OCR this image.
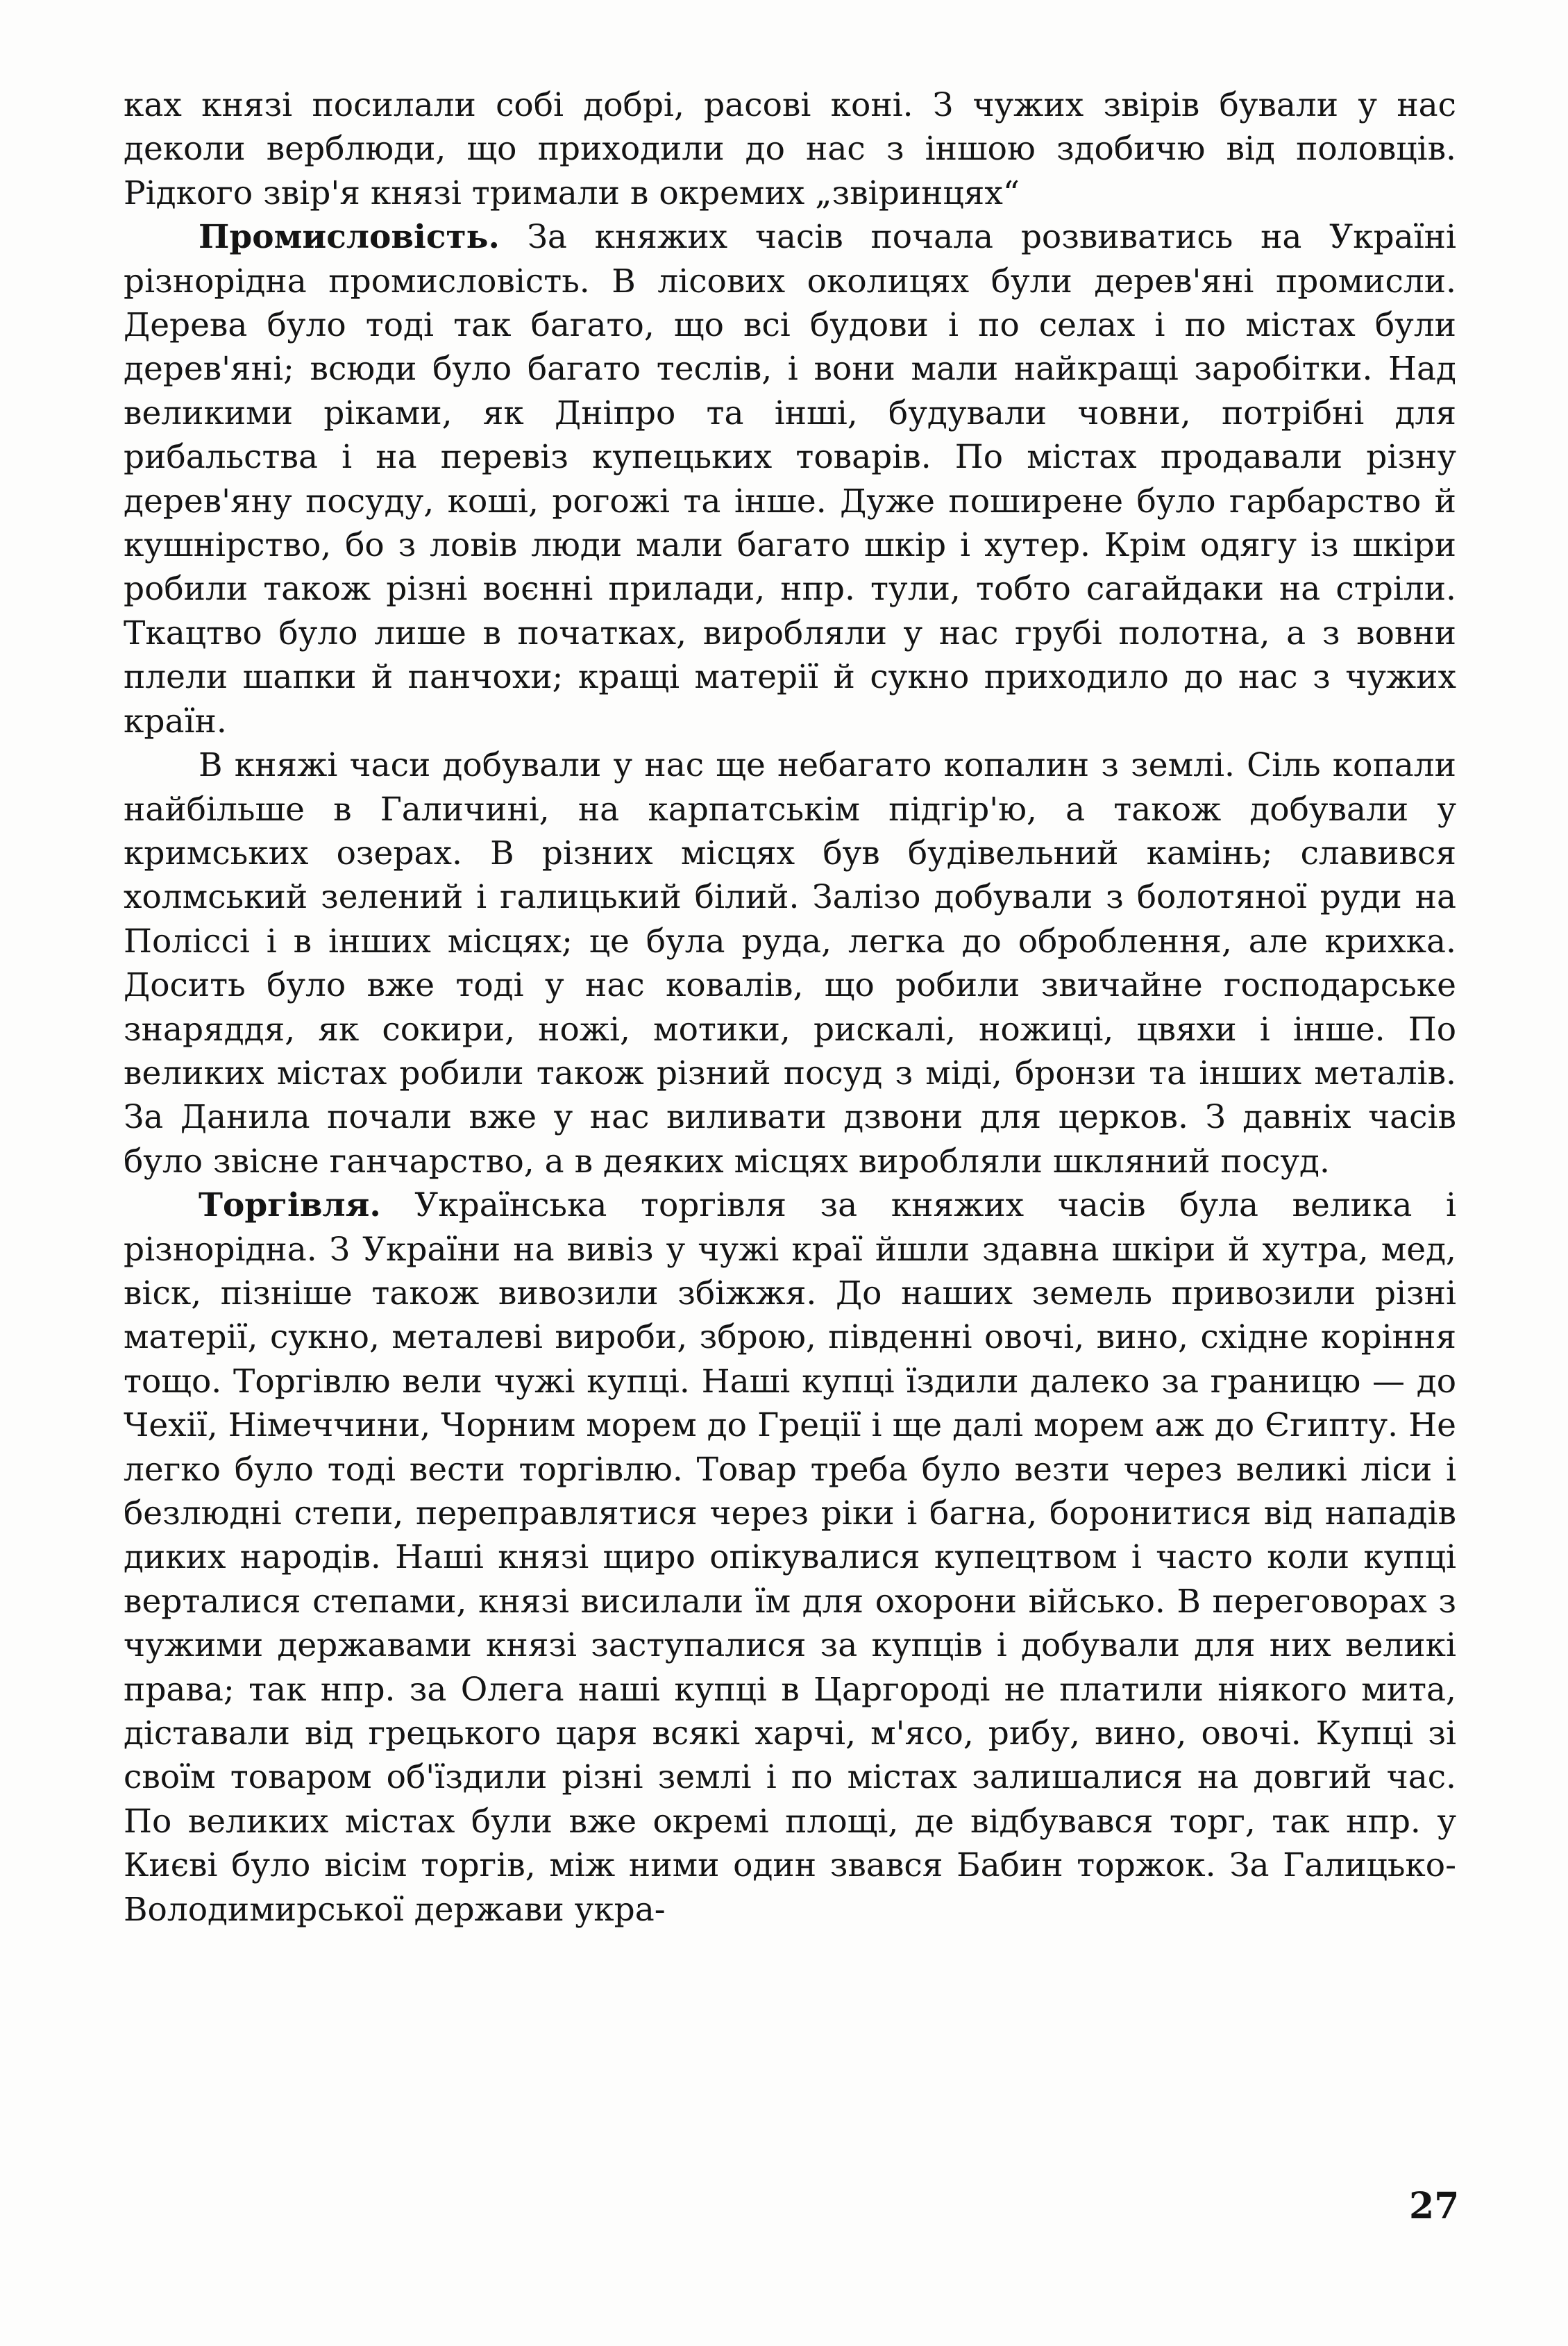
ках князі посилали собі добрі, расові коні. З чужих звірів бували у нас деколи верблюди, що приходили до нас з іншою здобичю від половців. Рідкого звір'я князі тримали в окремих „звіринцях“

Промисловість. За княжих часів почала розвиватись на Україні різнорідна промисловість. В лісових околицях були дерев'яні промисли. Дерева було тоді так багато, що всі будови і по селах і по містах були дерев'яні; всюди було багато теслів, і вони мали найкращі заробітки. Над великими ріками, як Дніпро та інші, будували човни, потрібні для рибальства і на перевіз купецьких товарів. По містах продавали різну дерев'яну посуду, коші, рогожі та інше. Дуже поширене було гарбарство й кушнірство, бо з ловів люди мали багато шкір і хутер. Крім одягу із шкіри робили також різні воєнні прилади, нпр. тули, тобто сагайдаки на стріли. Ткацтво було лише в початках, виробляли у нас грубі полотна, а з вовни плели шапки й панчохи; кращі матерії й сукно приходило до нас з чужих країн.

В княжі часи добували у нас ще небагато копалин з землі. Сіль копали найбільше в Галичині, на карпатськім підгір'ю, а також добували у кримських озерах. В різних місцях був будівельний камінь; славився холмський зелений і галицький білий. Залізо добували з болотяної руди на Поліссі і в інших місцях; це була руда, легка до оброблення, але крихка. Досить було вже тоді у нас ковалів, що робили звичайне господарське знаряддя, як сокири, ножі, мотики, рискалі, ножиці, цвяхи і інше. По великих містах робили також різний посуд з міді, бронзи та інших металів. За Данила почали вже у нас виливати дзвони для церков. З давніх часів було звісне ганчарство, а в деяких місцях виробляли шкляний посуд.

Торгівля. Українська торгівля за княжих часів була велика і різнорідна. З України на вивіз у чужі краї йшли здавна шкіри й хутра, мед, віск, пізніше також вивозили збіжжя. До наших земель привозили різні матерії, сукно, металеві вироби, зброю, південні овочі, вино, східне коріння тощо. Торгівлю вели чужі купці. Наші купці їздили далеко за границю — до Чехії, Німеччини, Чорним морем до Греції і ще далі морем аж до Єгипту. Не легко було тоді вести торгівлю. Товар треба було везти через великі ліси і безлюдні степи, переправлятися через ріки і багна, боронитися від нападів диких народів. Наші князі щиро опікувалися купецтвом і часто коли купці верталися степами, князі висилали їм для охорони військо. В переговорах з чужими державами князі заступалися за купців і добували для них великі права; так нпр. за Олега наші купці в Царгороді не платили ніякого мита, діставали від грецького царя всякі харчі, м'ясо, рибу, вино, овочі. Купці зі своїм товаром об'їздили різні землі і по містах залишалися на довгий час. По великих містах були вже окремі площі, де відбувався торг, так нпр. у Києві було вісім торгів, між ними один звався Бабин торжок. За Галицько-Володимирської держави укра-

27
